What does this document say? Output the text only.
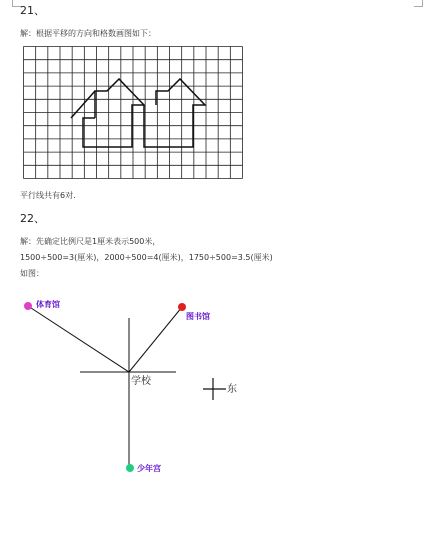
21、
解：根据平移的方向和格数画图如下：
平行线共有6对.
22、
解：先确定比例尺是1厘米表示500米，
1500÷500=3(厘米)，2000÷500=4(厘米)，1750÷500=3.5(厘米)
如图：
体育馆
图书馆
少年宫
学校
东
